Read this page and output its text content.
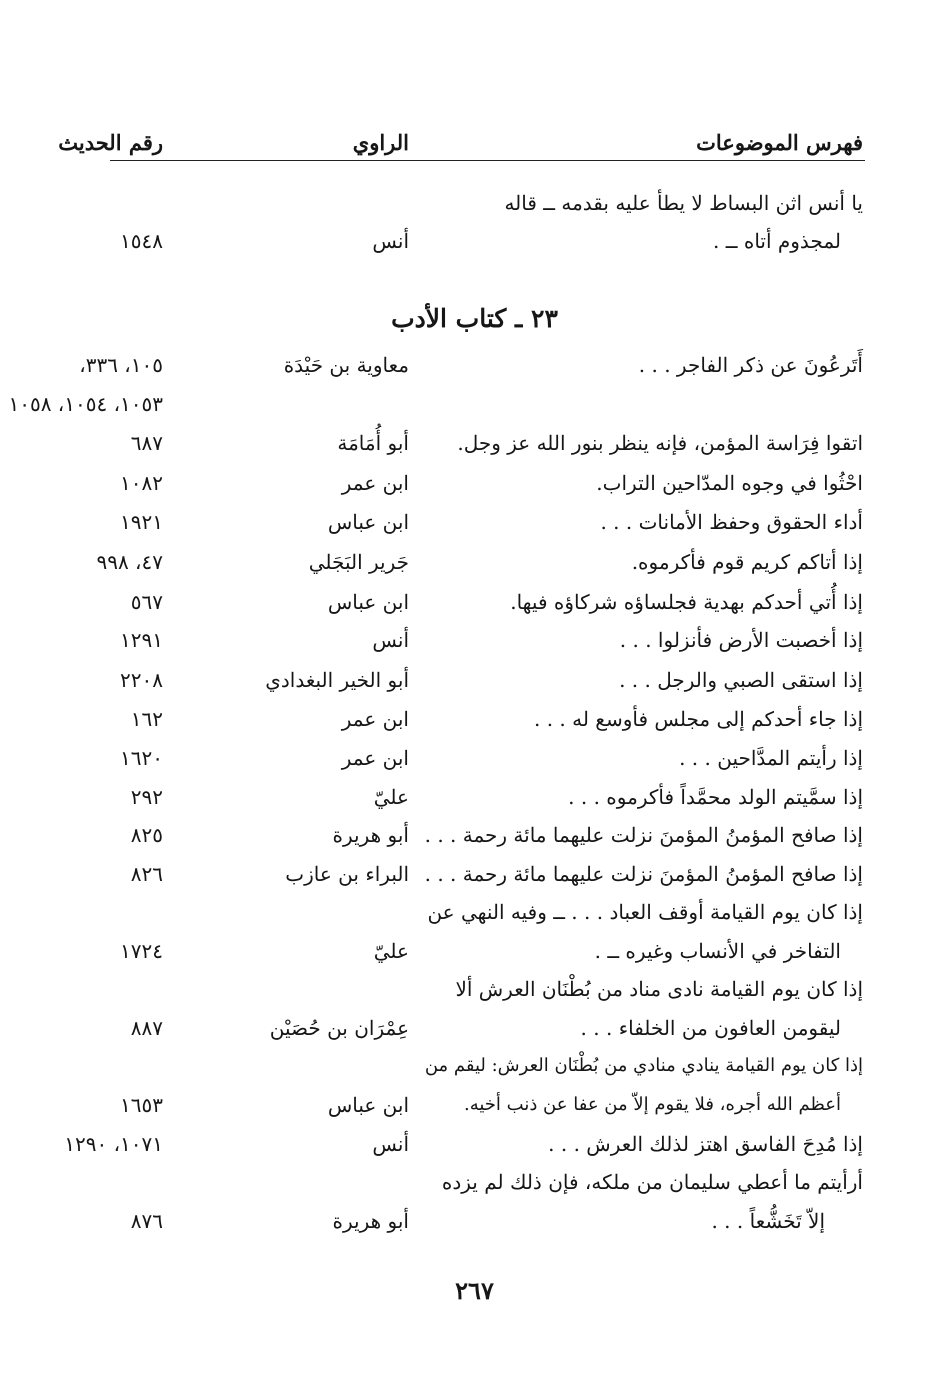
فهرس الموضوعات
الراوي
رقم الحديث
يا أنس اثن البساط لا يطأ عليه بقدمه ــ قاله
لمجذوم أتاه ــ .
أنس
١٥٤٨
٢٣ ـ كتاب الأدب
أَتَرعُونَ عن ذكر الفاجر . . .
معاوية بن حَيْدَة
١٠٥، ٣٣٦،
١٠٥٣، ١٠٥٤، ١٠٥٨
اتقوا فِرَاسة المؤمن، فإنه ينظر بنور الله عز وجل.
أبو أُمَامَة
٦٨٧
احْثُوا في وجوه المدّاحين التراب.
ابن عمر
١٠٨٢
أداء الحقوق وحفظ الأمانات . . .
ابن عباس
١٩٢١
إذا أتاكم كريم قوم فأكرموه.
جَرير البَجَلي
٤٧، ٩٩٨
إذا أُتي أحدكم بهدية فجلساؤه شركاؤه فيها.
ابن عباس
٥٦٧
إذا أخصبت الأرض فأنزلوا . . .
أنس
١٢٩١
إذا استقى الصبي والرجل . . .
أبو الخير البغدادي
٢٢٠٨
إذا جاء أحدكم إلى مجلس فأوسع له . . .
ابن عمر
١٦٢
إذا رأيتم المدَّاحين . . .
ابن عمر
١٦٢٠
إذا سمَّيتم الولد محمَّداً فأكرموه . . .
عليّ
٢٩٢
إذا صافح المؤمنُ المؤمنَ نزلت عليهما مائة رحمة . . .
أبو هريرة
٨٢٥
إذا صافح المؤمنُ المؤمنَ نزلت عليهما مائة رحمة . . .
البراء بن عازب
٨٢٦
إذا كان يوم القيامة أوقف العباد . . . ــ وفيه النهي عن
التفاخر في الأنساب وغيره ــ .
عليّ
١٧٢٤
إذا كان يوم القيامة نادى مناد من بُطْنَان العرش ألا
ليقومن العافون من الخلفاء . . .
عِمْرَان بن حُصَيْن
٨٨٧
إذا كان يوم القيامة ينادي منادي من بُطْنَان العرش: ليقم من
أعظم الله أجره، فلا يقوم إلاّ من عفا عن ذنب أخيه.
ابن عباس
١٦٥٣
إذا مُدِحَ الفاسق اهتز لذلك العرش . . .
أنس
١٠٧١، ١٢٩٠
أرأيتم ما أعطي سليمان من ملكه، فإن ذلك لم يزده
إلاّ تَخَشُّعاً . . .
أبو هريرة
٨٧٦
٢٦٧
